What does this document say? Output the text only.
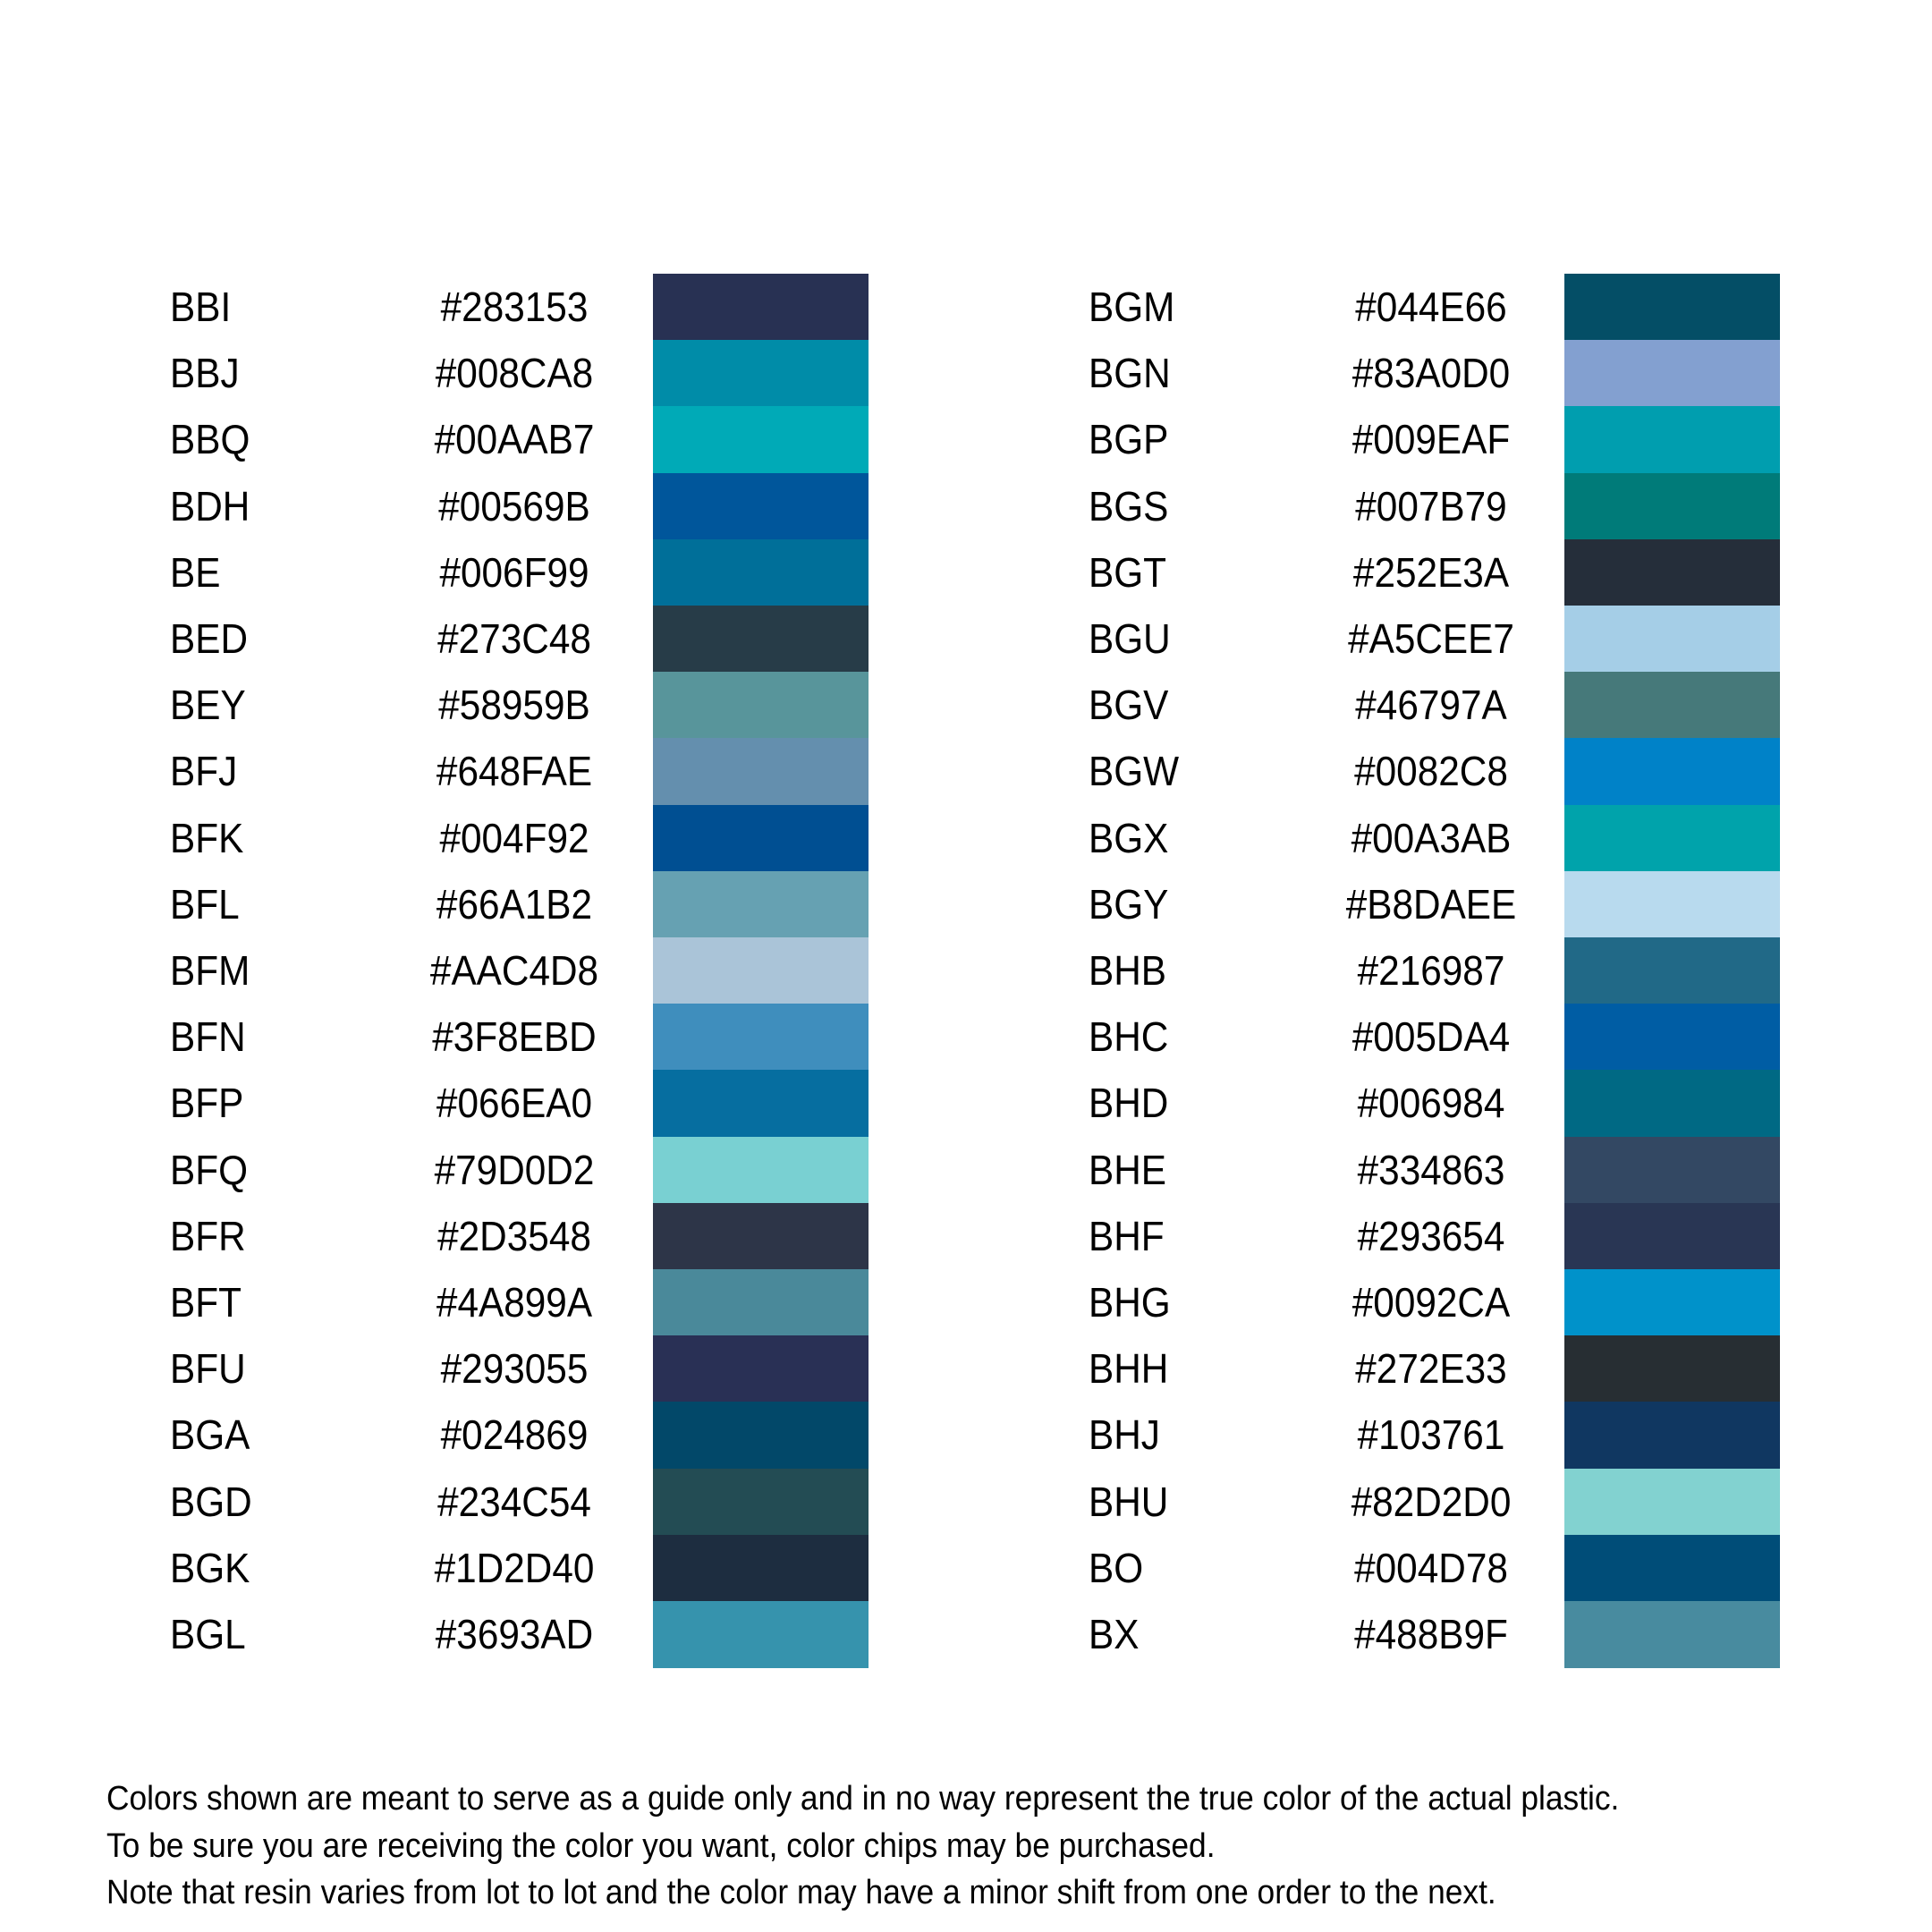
BBI	#283153
BBJ	#008CA8
BBQ	#00AAB7
BDH	#00569B
BE	#006F99
BED	#273C48
BEY	#58959B
BFJ	#648FAE
BFK	#004F92
BFL	#66A1B2
BFM	#AAC4D8
BFN	#3F8EBD
BFP	#066EA0
BFQ	#79D0D2
BFR	#2D3548
BFT	#4A899A
BFU	#293055
BGA	#024869
BGD	#234C54
BGK	#1D2D40
BGL	#3693AD
BGM	#044E66
BGN	#83A0D0
BGP	#009EAF
BGS	#007B79
BGT	#252E3A
BGU	#A5CEE7
BGV	#46797A
BGW	#0082C8
BGX	#00A3AB
BGY	#B8DAEE
BHB	#216987
BHC	#005DA4
BHD	#006984
BHE	#334863
BHF	#293654
BHG	#0092CA
BHH	#272E33
BHJ	#103761
BHU	#82D2D0
BO	#004D78
BX	#488B9F
Colors shown are meant to serve as a guide only and in no way represent the true color of the actual plastic.
To be sure you are receiving the color you want, color chips may be purchased.
Note that resin varies from lot to lot and the color may have a minor shift from one order to the next.
